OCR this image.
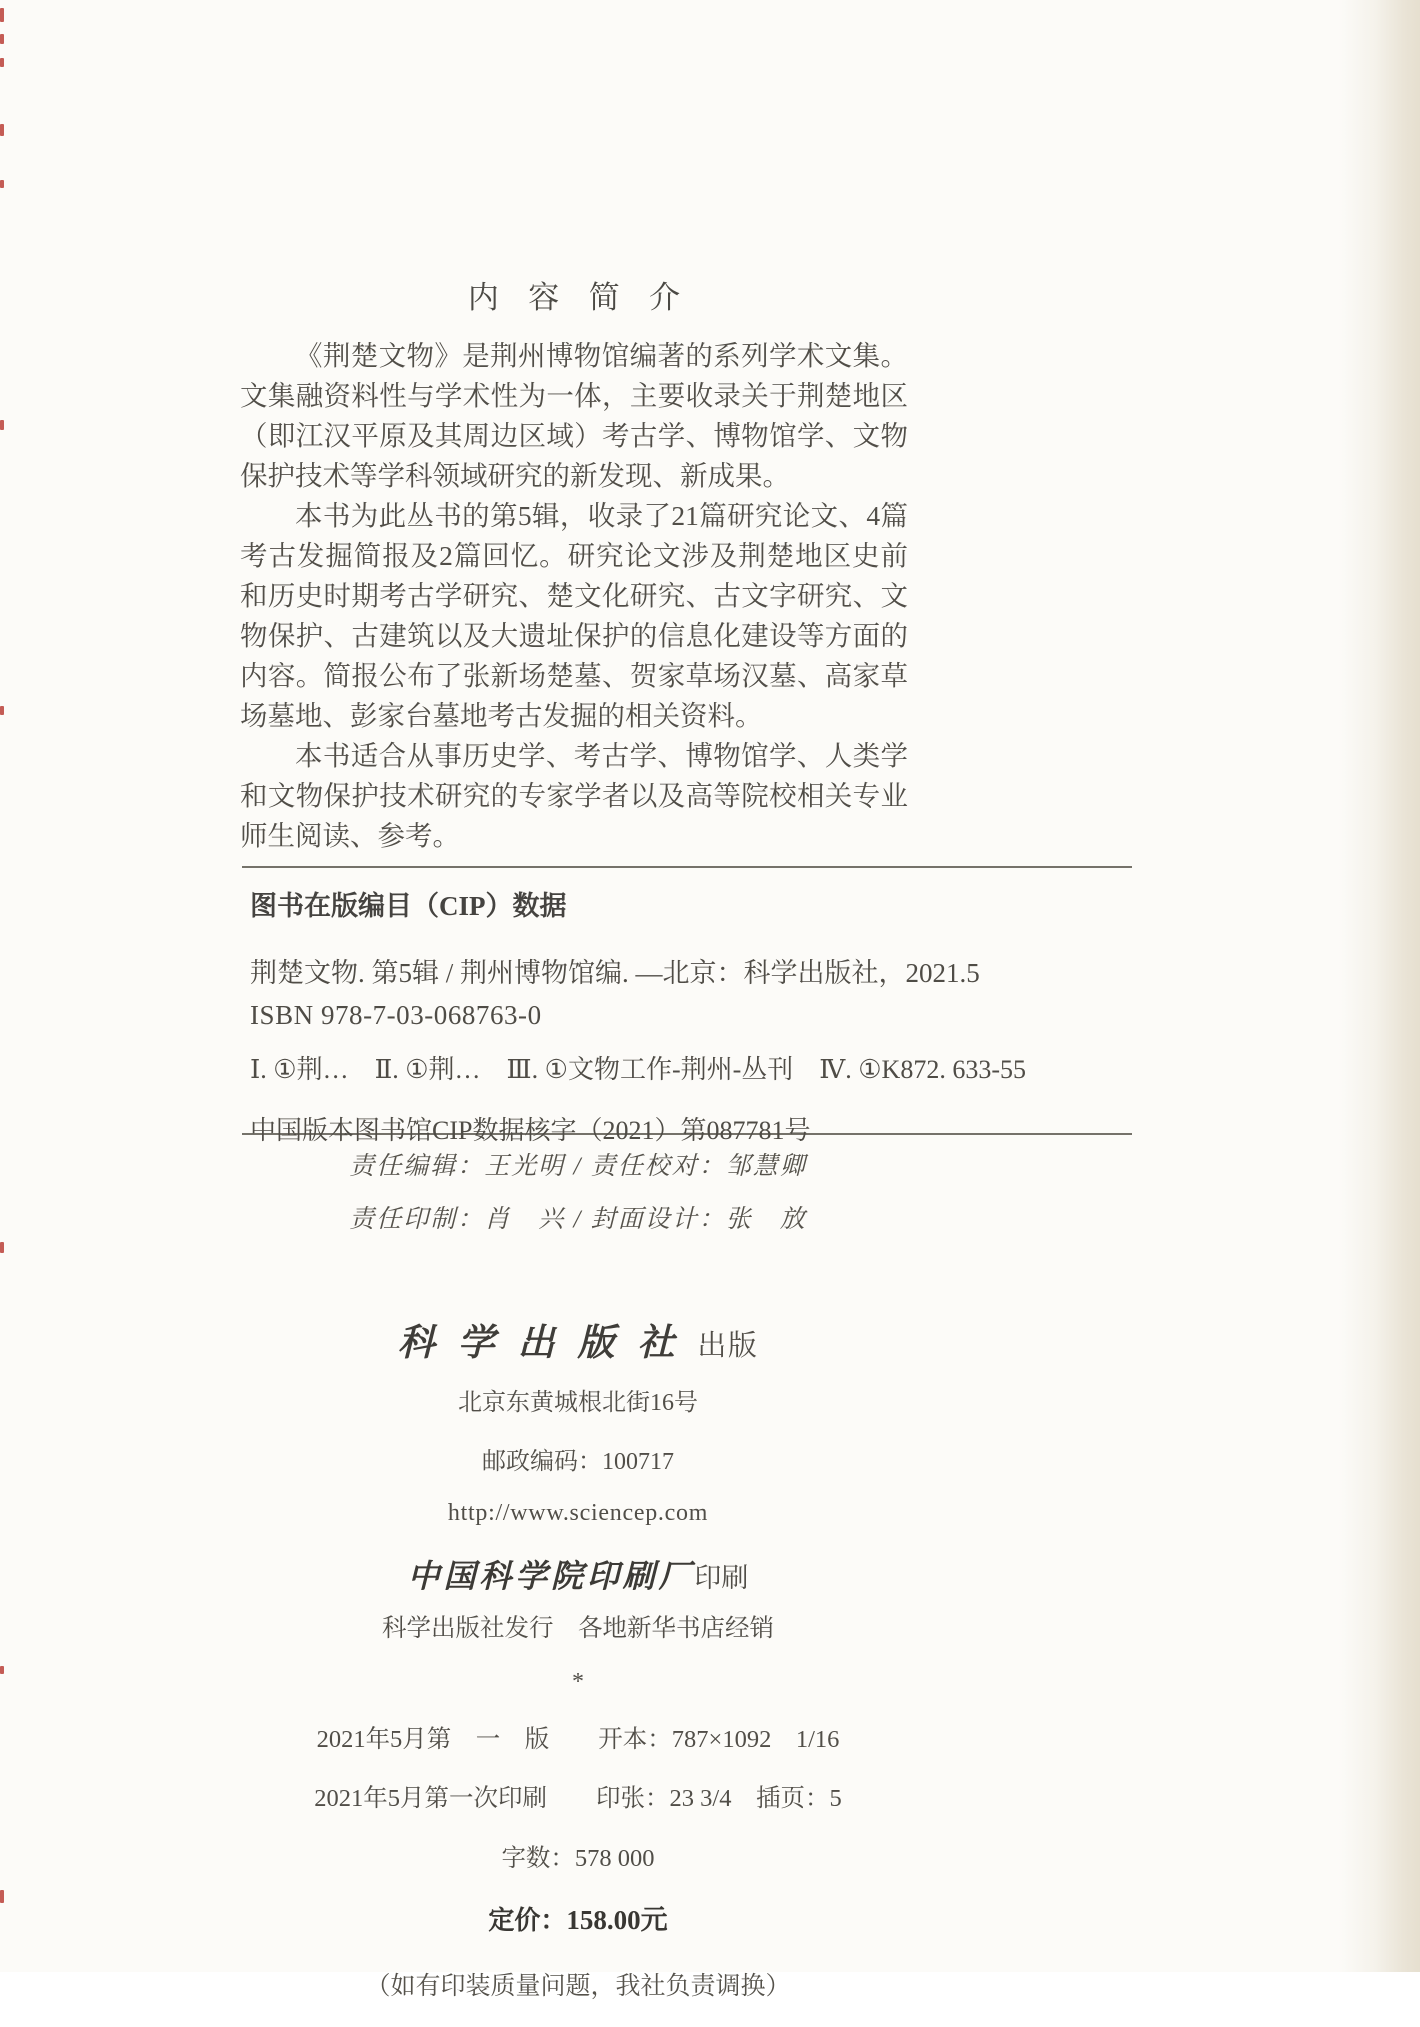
内容简介

《荆楚文物》是荆州博物馆编著的系列学术文集。文集融资料性与学术性为一体，主要收录关于荆楚地区（即江汉平原及其周边区域）考古学、博物馆学、文物保护技术等学科领域研究的新发现、新成果。

本书为此丛书的第5辑，收录了21篇研究论文、4篇考古发掘简报及2篇回忆。研究论文涉及荆楚地区史前和历史时期考古学研究、楚文化研究、古文字研究、文物保护、古建筑以及大遗址保护的信息化建设等方面的内容。简报公布了张新场楚墓、贺家草场汉墓、高家草场墓地、彭家台墓地考古发掘的相关资料。

本书适合从事历史学、考古学、博物馆学、人类学和文物保护技术研究的专家学者以及高等院校相关专业师生阅读、参考。

图书在版编目（CIP）数据

荆楚文物. 第5辑 / 荆州博物馆编. —北京：科学出版社，2021.5

ISBN 978-7-03-068763-0

Ⅰ. ①荆…　Ⅱ. ①荆…　Ⅲ. ①文物工作-荆州-丛刊　Ⅳ. ①K872. 633-55

中国版本图书馆CIP数据核字（2021）第087781号

责任编辑：王光明 / 责任校对：邹慧卿

责任印制：肖　兴 / 封面设计：张　放

科学出版社出版

北京东黄城根北街16号

邮政编码：100717

http://www.sciencep.com

中国科学院印刷厂印刷

科学出版社发行　各地新华书店经销

*

2021年5月第　一　版　　开本：787×1092　1/16

2021年5月第一次印刷　　印张：23 3/4　插页：5

字数：578 000

定价：158.00元

（如有印装质量问题，我社负责调换）
